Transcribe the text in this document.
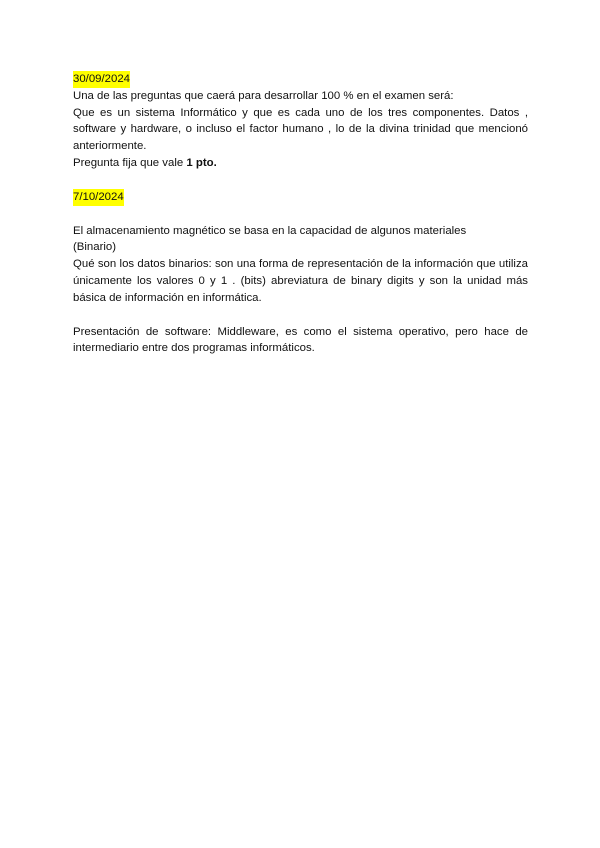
30/09/2024

Una de las preguntas que caerá para desarrollar 100 % en el examen será:

Que es un sistema Informático y que es cada uno de los tres componentes. Datos , software y hardware, o incluso el factor humano , lo de la divina trinidad que mencionó anteriormente.

Pregunta fija que vale 1 pto.

7/10/2024

El almacenamiento magnético se basa en la capacidad de algunos materiales

(Binario)

Qué son los datos binarios: son una forma de representación de la información que utiliza únicamente los valores 0 y 1 . (bits) abreviatura de binary digits y son la unidad más básica de información en informática.

Presentación de software: Middleware, es como el sistema operativo, pero hace de intermediario entre dos programas informáticos.
